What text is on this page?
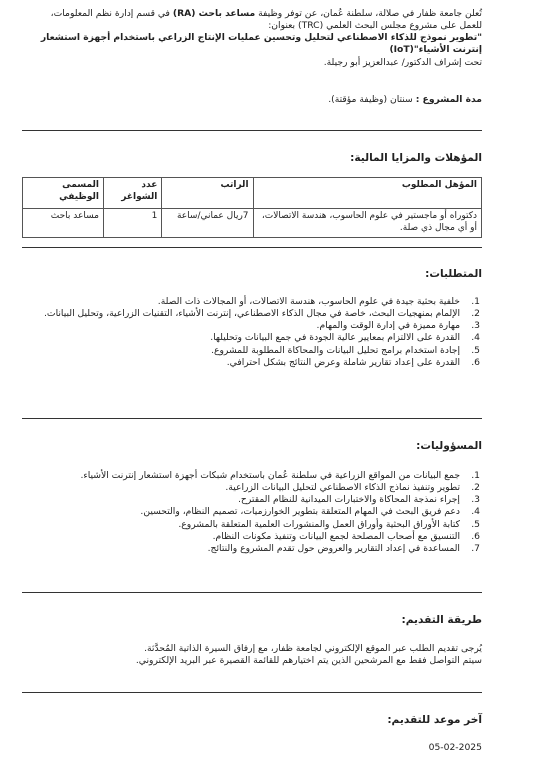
تُعلن جامعة ظفار في صلالة، سلطنة عُمان، عن توفر وظيفة مساعد باحث (RA) في قسم إدارة نظم المعلومات، للعمل على مشروع مجلس البحث العلمي (TRC) بعنوان:

"تطوير نموذج للذكاء الاصطناعي لتحليل وتحسين عمليات الإنتاج الزراعي باستخدام أجهزة استشعار إنترنت الأشياء"(IoT)

تحت إشراف الدكتور/ عبدالعزيز أبو رجيلة.

مدة المشروع : سنتان (وظيفة مؤقتة).
المؤهلات والمزايا المالية:
المؤهل المطلوب	الراتب	عدد الشواغر	المسمى الوظيفي
دكتوراه أو ماجستير في علوم الحاسوب، هندسة الاتصالات، أو أي مجال ذي صلة.	7ريال عماني/ساعة	1	مساعد باحث
المتطلبات:
خلفية بحثية جيدة في علوم الحاسوب، هندسة الاتصالات، أو المجالات ذات الصلة.
الإلمام بمنهجيات البحث، خاصة في مجال الذكاء الاصطناعي، إنترنت الأشياء، التقنيات الزراعية، وتحليل البيانات.
مهارة مميزة في إدارة الوقت والمهام.
القدرة على الالتزام بمعايير عالية الجودة في جمع البيانات وتحليلها.
إجادة استخدام برامج تحليل البيانات والمحاكاة المطلوبة للمشروع.
القدرة على إعداد تقارير شاملة وعرض النتائج بشكل احترافي.
المسؤوليات:
جمع البيانات من المواقع الزراعية في سلطنة عُمان باستخدام شبكات أجهزة استشعار إنترنت الأشياء.
تطوير وتنفيذ نماذج الذكاء الاصطناعي لتحليل البيانات الزراعية.
إجراء نمذجة المحاكاة والاختبارات الميدانية للنظام المقترح.
دعم فريق البحث في المهام المتعلقة بتطوير الخوارزميات، تصميم النظام، والتحسين.
كتابة الأوراق البحثية وأوراق العمل والمنشورات العلمية المتعلقة بالمشروع.
التنسيق مع أصحاب المصلحة لجمع البيانات وتنفيذ مكونات النظام.
المساعدة في إعداد التقارير والعروض حول تقدم المشروع والنتائج.
طريقة التقديم:
يُرجى تقديم الطلب عبر الموقع الإلكتروني لجامعة ظفار، مع إرفاق السيرة الذاتية المُحدَّثة.
سيتم التواصل فقط مع المرشحين الذين يتم اختيارهم للقائمة القصيرة عبر البريد الإلكتروني.
آخر موعد للتقديم:
05-02-2025
